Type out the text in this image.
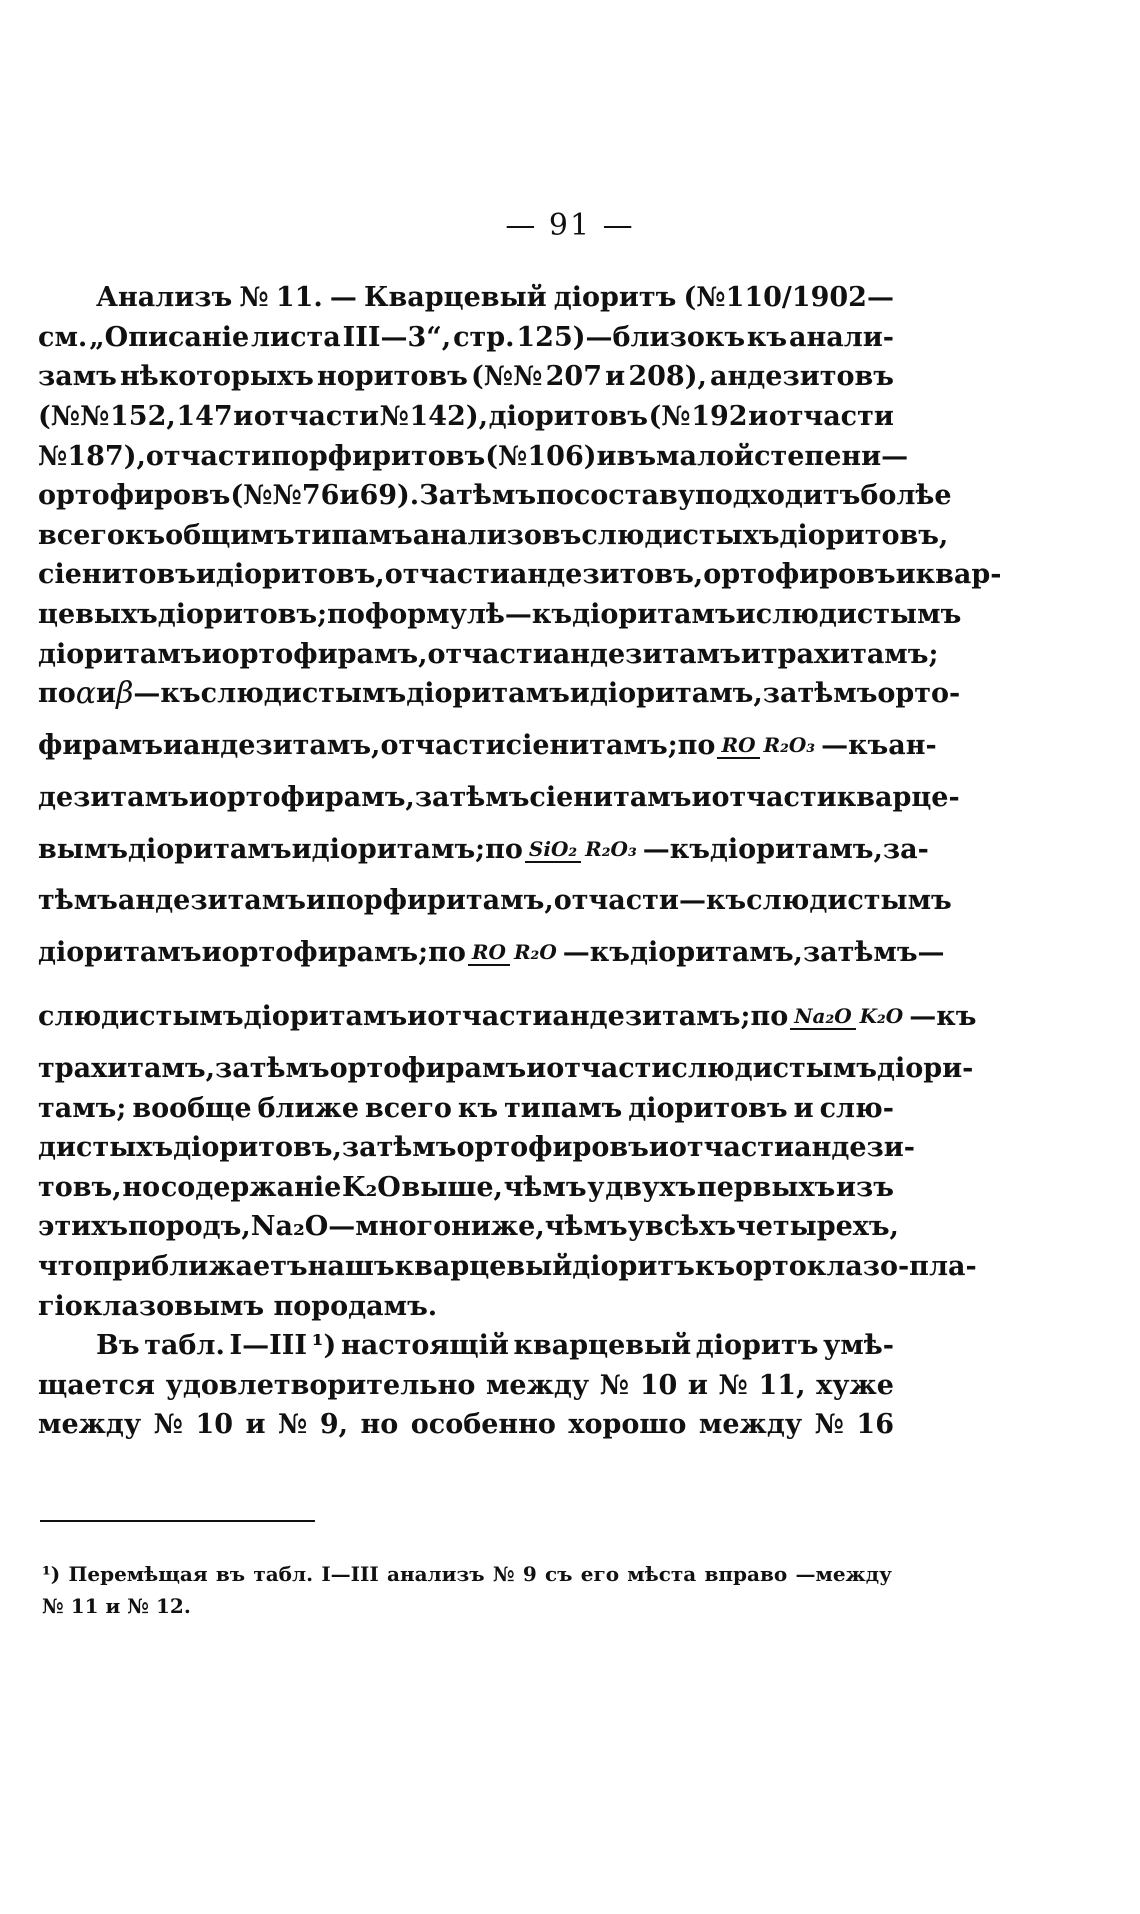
— 91 —
Анализъ № 11. — Кварцевый діоритъ (№110/1902—
см. „Описаніе листа III—3“, стр. 125)—близокъ къ анали-
замъ нѣкоторыхъ норитовъ (№№ 207 и 208), андезитовъ
(№№ 152, 147 и отчасти № 142), діоритовъ (№ 192 и отчасти
№ 187), отчасти порфиритовъ (№ 106) и въ малой степени—
ортофировъ (№№ 76 и 69). Затѣмъ по составу подходитъ болѣе
всего къ общимъ типамъ анализовъ слюдистыхъ діоритовъ,
сіенитовъ и діоритовъ, отчасти андезитовъ, ортофировъ и квар-
цевыхъ діоритовъ; по формулѣ—къ діоритамъ и слюдистымъ
діоритамъ и ортофирамъ, отчасти андезитамъ и трахитамъ;
по α и β —къ слюдистымъ діоритамъ и діоритамъ, затѣмъ орто-
фирамъ и андезитамъ, отчасти сіенитамъ; по RO R₂O₃ — къ ан-
дезитамъ и ортофирамъ, затѣмъ сіенитамъ и отчасти кварце-
вымъ діоритамъ и діоритамъ; по SiO₂ R₂O₃ — къ діоритамъ, за-
тѣмъ андезитамъ и порфиритамъ, отчасти — къ слюдистымъ
діоритамъ и ортофирамъ; по RO R₂O — къ діоритамъ, затѣмъ —
слюдистымъ діоритамъ и отчасти андезитамъ; по Na₂O K₂O —къ
трахитамъ, затѣмъ ортофирамъ и отчасти слюдистымъ діори-
тамъ; вообще ближе всего къ типамъ діоритовъ и слю-
дистыхъ діоритовъ, затѣмъ ортофировъ и отчасти андези-
товъ, но содержаніе K₂O выше, чѣмъ у двухъ первыхъ изъ
этихъ породъ, Na₂O—много ниже, чѣмъ у всѣхъ четырехъ,
что приближаетъ нашъ кварцевый діоритъ къ ортоклазо-пла-
гіоклазовымъ породамъ.
Въ табл. I—III ¹) настоящій кварцевый діоритъ умѣ-
щается удовлетворительно между № 10 и № 11, хуже
между № 10 и № 9, но особенно хорошо между № 16
¹) Перемѣщая въ табл. I—III анализъ № 9 съ его мѣста вправо —между
№ 11 и № 12.
